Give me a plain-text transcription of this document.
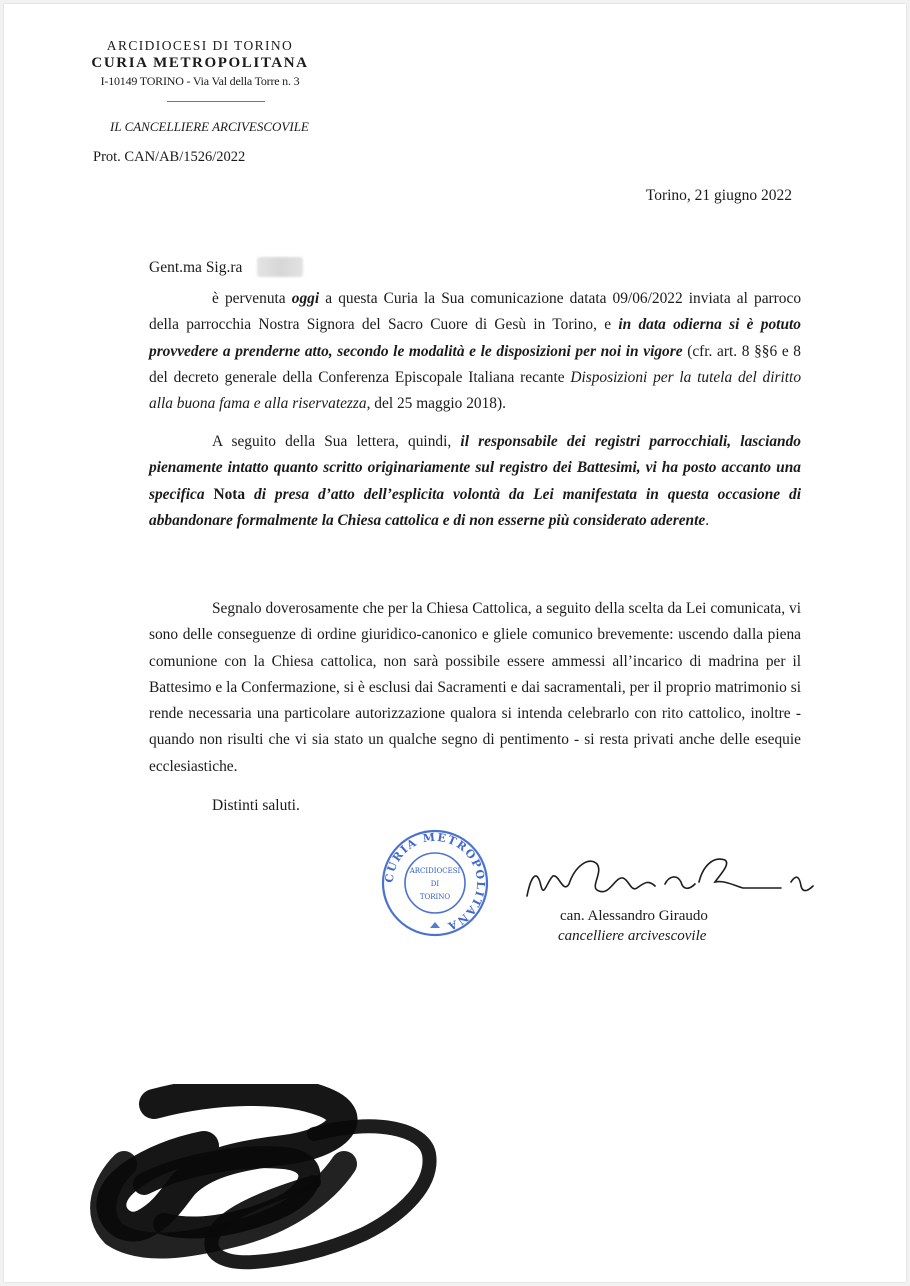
ARCIDIOCESI DI TORINO
CURIA METROPOLITANA
I-10149 TORINO - Via Val della Torre n. 3
IL CANCELLIERE ARCIVESCOVILE
Prot. CAN/AB/1526/2022
Torino, 21 giugno 2022
Gent.ma Sig.ra
è pervenuta oggi a questa Curia la Sua comunicazione datata 09/06/2022 inviata al parroco della parrocchia Nostra Signora del Sacro Cuore di Gesù in Torino, e in data odierna si è potuto provvedere a prenderne atto, secondo le modalità e le disposizioni per noi in vigore (cfr. art. 8 §§6 e 8 del decreto generale della Conferenza Episcopale Italiana recante Disposizioni per la tutela del diritto alla buona fama e alla riservatezza, del 25 maggio 2018).
A seguito della Sua lettera, quindi, il responsabile dei registri parrocchiali, lasciando pienamente intatto quanto scritto originariamente sul registro dei Battesimi, vi ha posto accanto una specifica Nota di presa d’atto dell’esplicita volontà da Lei manifestata in questa occasione di abbandonare formalmente la Chiesa cattolica e di non esserne più considerato aderente.
Segnalo doverosamente che per la Chiesa Cattolica, a seguito della scelta da Lei comunicata, vi sono delle conseguenze di ordine giuridico-canonico e gliele comunico brevemente: uscendo dalla piena comunione con la Chiesa cattolica, non sarà possibile essere ammessi all’incarico di madrina per il Battesimo e la Confermazione, si è esclusi dai Sacramenti e dai sacramentali, per il proprio matrimonio si rende necessaria una particolare autorizzazione qualora si intenda celebrarlo con rito cattolico, inoltre - quando non risulti che vi sia stato un qualche segno di pentimento - si resta privati anche delle esequie ecclesiastiche.
Distinti saluti.
CURIA METROPOLITANA
ARCIDIOCESI
DI
TORINO
can. Alessandro Giraudo
cancelliere arcivescovile
